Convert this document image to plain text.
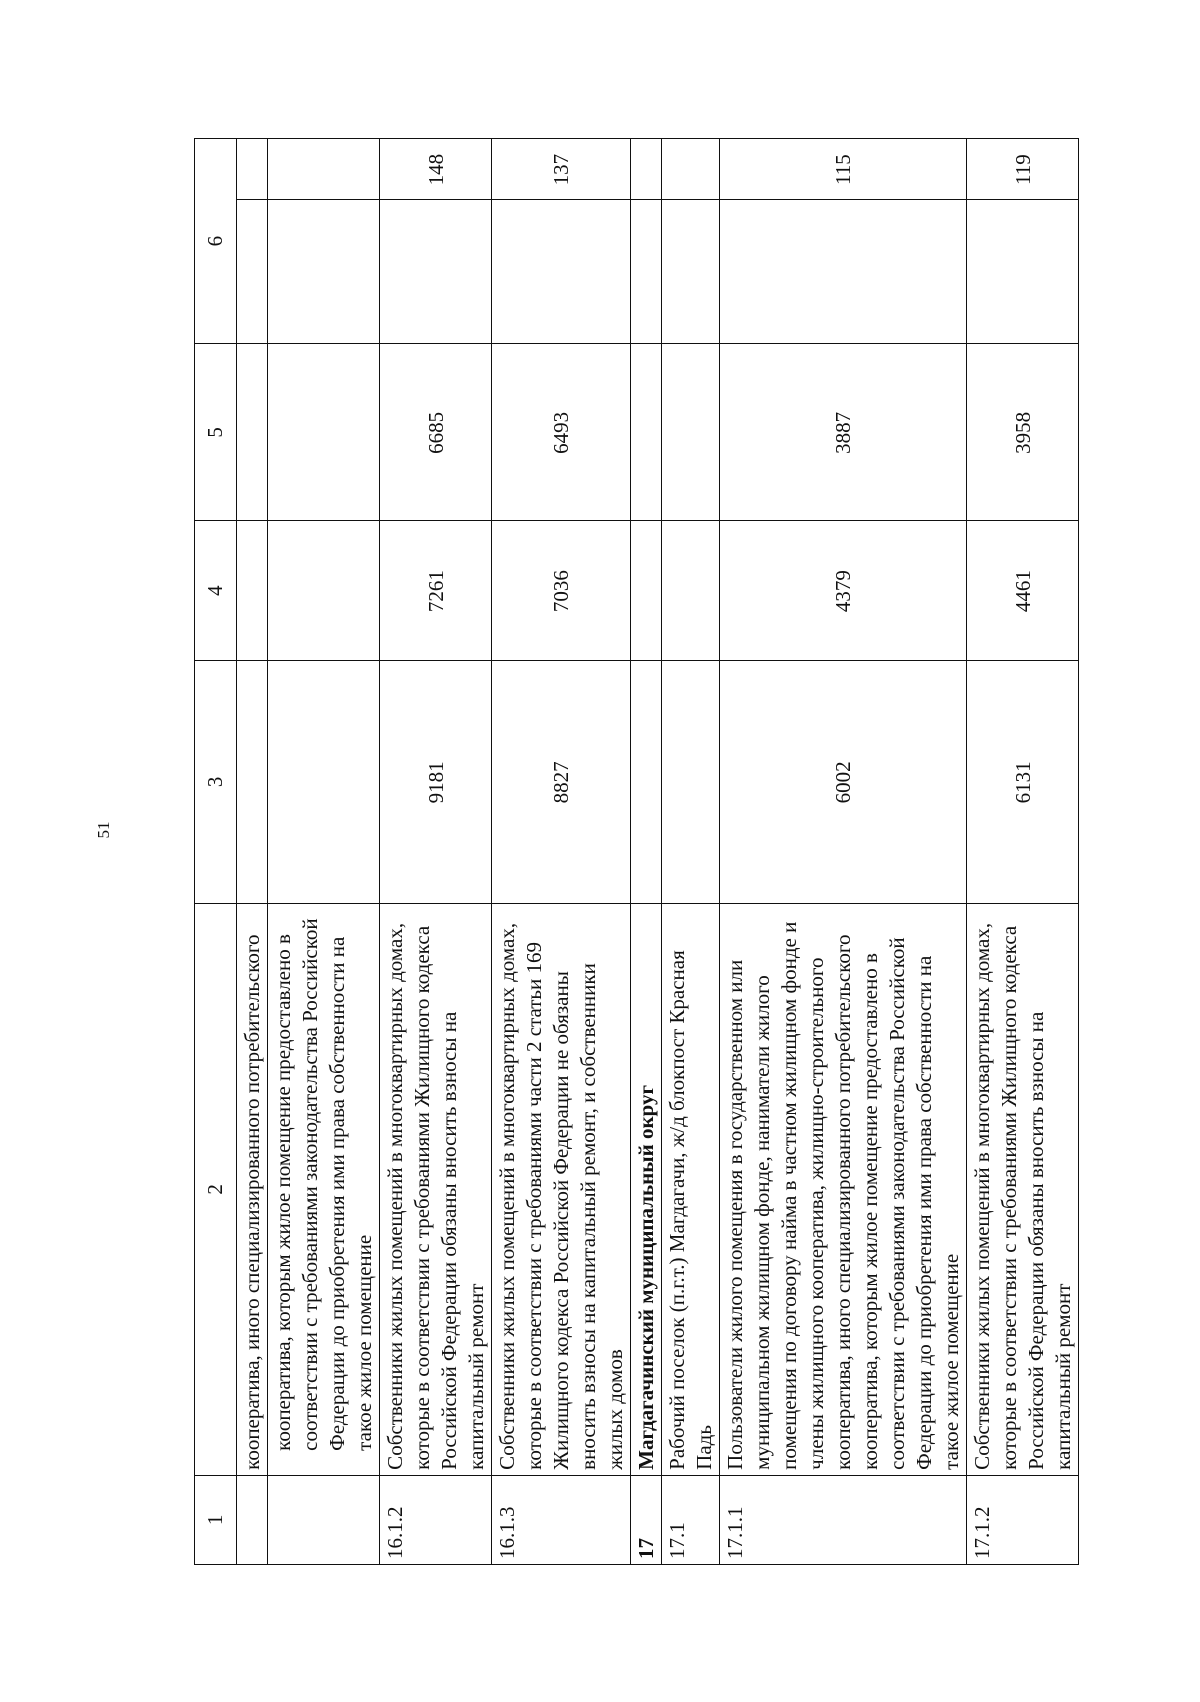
51
1	2	3	4	5	6	
	кооператива, иного специализированного потребительского					
	кооператива, которым жилое помещение предоставлено в соответствии с требованиями законодательства Российской Федерации до приобретения ими права собственности на такое жилое помещение					
16.1.2	Собственники жилых помещений в многоквартирных домах, которые в соответствии с требованиями Жилищного кодекса Российской Федерации обязаны вносить взносы на капитальный ремонт	9181	7261	6685		148
16.1.3	Собственники жилых помещений в многоквартирных домах, которые в соответствии с требованиями части 2 статьи 169 Жилищного кодекса Российской Федерации не обязаны вносить взносы на капитальный ремонт, и собственники жилых домов	8827	7036	6493		137
17	Магдагачинский муниципальный округ					
17.1	Рабочий поселок (п.г.т.) Магдагачи, ж/д блокпост Красная Падь					
17.1.1	Пользователи жилого помещения в государственном или муниципальном жилищном фонде, наниматели жилого помещения по договору найма в частном жилищном фонде и члены жилищного кооператива, жилищно-строительного кооператива, иного специализированного потребительского кооператива, которым жилое помещение предоставлено в соответствии с требованиями законодательства Российской Федерации до приобретения ими права собственности на такое жилое помещение	6002	4379	3887		115
17.1.2	Собственники жилых помещений в многоквартирных домах, которые в соответствии с требованиями Жилищного кодекса Российской Федерации обязаны вносить взносы на капитальный ремонт	6131	4461	3958		119
